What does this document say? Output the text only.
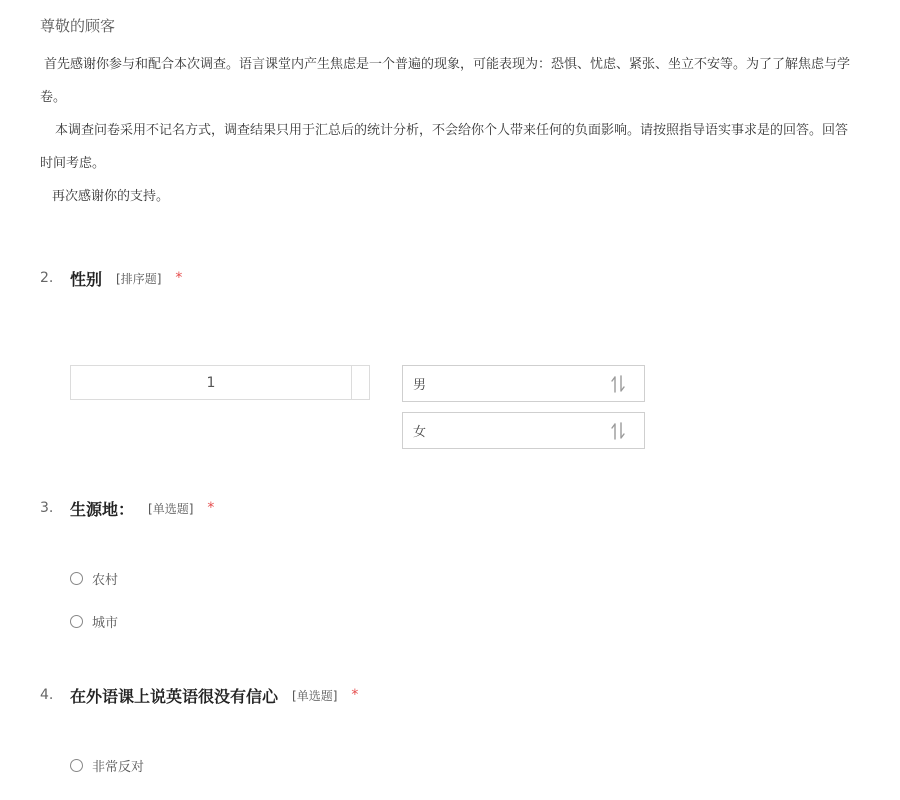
尊敬的顾客
首先感谢你参与和配合本次调查。语言课堂内产生焦虑是一个普遍的现象，可能表现为：恐惧、忧虑、紧张、坐立不安等。为了了解焦虑与学
卷。
本调查问卷采用不记名方式，调查结果只用于汇总后的统计分析，不会给你个人带来任何的负面影响。请按照指导语实事求是的回答。回答
时间考虑。
再次感谢你的支持。
2.	性别 [排序题] *
1	男
女
3.	生源地： [单选题] *
农村
城市
4.	在外语课上说英语很没有信心 [单选题] *
非常反对
